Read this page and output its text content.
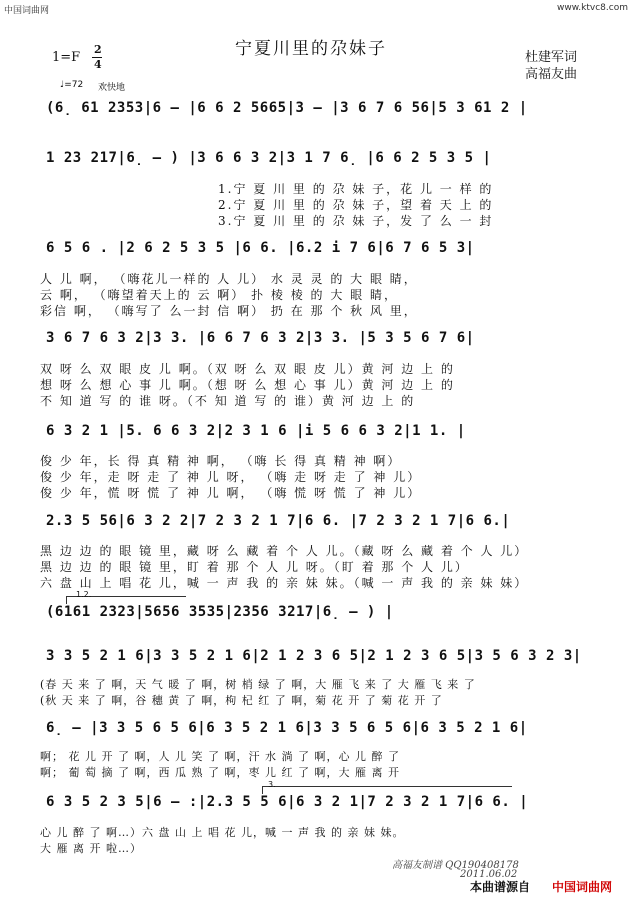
中国词曲网	www.ktvc8.com
宁夏川里的尕妹子	杜建军词
高福友曲
1=F
2
4
♩=72 欢快地
(6̣ 61 2353|6 – |6 6 2 5665|3 – |3 6 7 6 56|5 3 61 2 |
1 23 217|6̣ – ) |3 6 6 3 2|3 1 7 6̣ |6 6 2 5 3 5 |
1.宁 夏 川 里 的 尕 妹 子，花 儿 一 样 的
2.宁 夏 川 里 的 尕 妹 子，望 着 天 上 的
3.宁 夏 川 里 的 尕 妹 子，发 了 么 一 封
6 5 6 . |2 6 2 5 3 5 |6 6. |6.2 i 7 6|6 7 6 5 3|
人 儿 啊， （嗨花儿一样的 人 儿） 水 灵 灵 的 大 眼 睛，
云 啊， （嗨望着天上的 云 啊） 扑 棱 棱 的 大 眼 睛，
彩信 啊， （嗨写了 么一封 信 啊） 扔 在 那 个 秋 风 里，
3 6 7 6 3 2|3 3. |6 6 7 6 3 2|3 3. |5 3 5 6 7 6|
双 呀 么 双 眼 皮 儿 啊。（双 呀 么 双 眼 皮 儿）黄 河 边 上 的
想 呀 么 想 心 事 儿 啊。（想 呀 么 想 心 事 儿）黄 河 边 上 的
不 知 道 写 的 谁 呀。（不 知 道 写 的 谁）黄 河 边 上 的
6 3 2 1 |5. 6 6 3 2|2 3 1 6 |i 5 6 6 3 2|1 1. |
俊 少 年，长 得 真 精 神 啊， （嗨 长 得 真 精 神 啊）
俊 少 年，走 呀 走 了 神 儿 呀， （嗨 走 呀 走 了 神 儿）
俊 少 年，慌 呀 慌 了 神 儿 啊， （嗨 慌 呀 慌 了 神 儿）
2.3 5 56|6 3 2 2|7 2 3 2 1 7|6 6. |7 2 3 2 1 7|6 6.|
黑 边 边 的 眼 镜 里，藏 呀 么 藏 着 个 人 儿。（藏 呀 么 藏 着 个 人 儿）
黑 边 边 的 眼 镜 里，盯 着 那 个 人 儿 呀。（盯 着 那 个 人 儿）
六 盘 山 上 唱 花 儿，喊 一 声 我 的 亲 妹 妹。（喊 一 声 我 的 亲 妹 妹）
1.2.
(6161 2323|5656 3535|2356 3217|6̣ – ) |
3 3 5 2 1 6|3 3 5 2 1 6|2 1 2 3 6 5|2 1 2 3 6 5|3 5 6 3 2 3|
(春 天 来 了 啊，天 气 暖 了 啊，树 梢 绿 了 啊，大 雁 飞 来 了 大 雁 飞 来 了
(秋 天 来 了 啊，谷 穗 黄 了 啊，枸 杞 红 了 啊，菊 花 开 了 菊 花 开 了
6̣ – |3 3 5 6 5 6|6 3 5 2 1 6|3 3 5 6 5 6|6 3 5 2 1 6|
啊； 花 儿 开 了 啊，人 儿 笑 了 啊，汗 水 淌 了 啊，心 儿 醉 了
啊； 葡 萄 摘 了 啊，西 瓜 熟 了 啊，枣 儿 红 了 啊，大 雁 离 开
3.
6 3 5 2 3 5|6 – :|2.3 5 5 6|6 3 2 1|7 2 3 2 1 7|6 6. |
心 儿 醉 了 啊…）六 盘 山 上 唱 花 儿，喊 一 声 我 的 亲 妹 妹。
大 雁 离 开 啦…）
高福友制谱 QQ190408178
2011.06.02
本曲谱源自 中国词曲网
